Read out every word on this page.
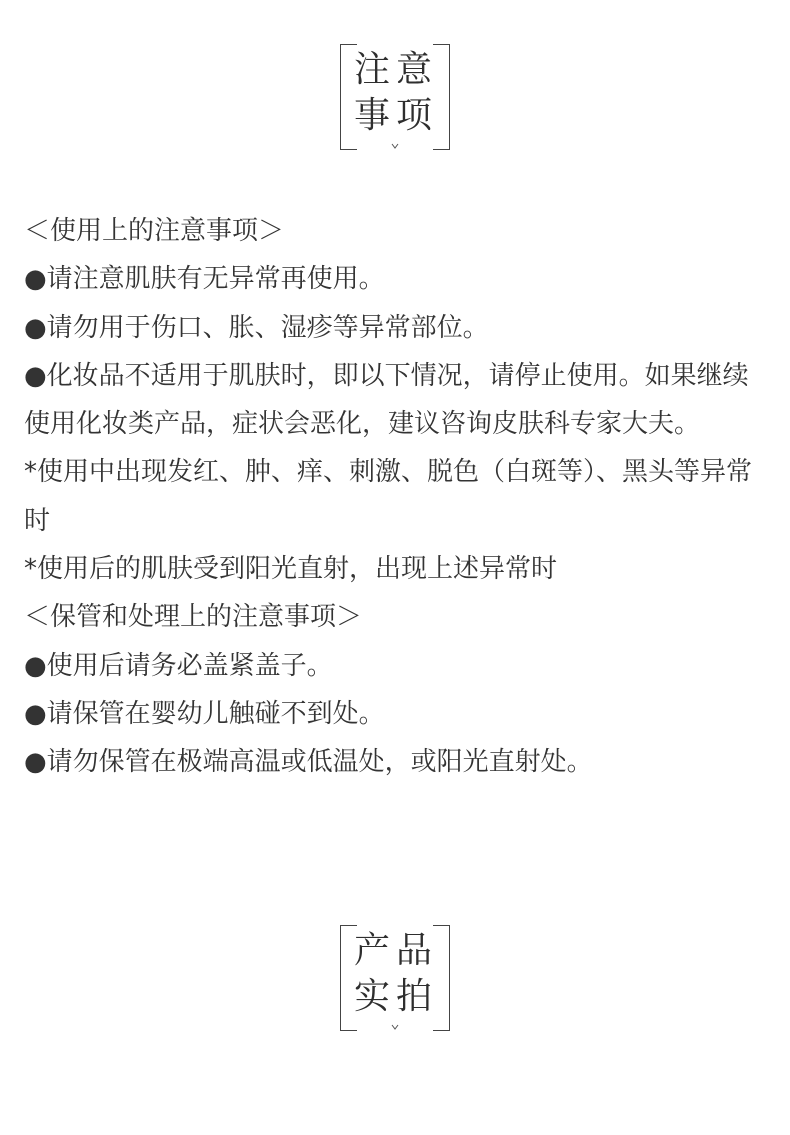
注意
事项
＜使用上的注意事项＞
●请注意肌肤有无异常再使用。
●请勿用于伤口、胀、湿疹等异常部位。
●化妆品不适用于肌肤时，即以下情况，请停止使用。如果继续使用化妆类产品，症状会恶化，建议咨询皮肤科专家大夫。
*使用中出现发红、肿、痒、刺激、脱色（白斑等）、黑头等异常时
*使用后的肌肤受到阳光直射，出现上述异常时
＜保管和处理上的注意事项＞
●使用后请务必盖紧盖子。
●请保管在婴幼儿触碰不到处。
●请勿保管在极端高温或低温处，或阳光直射处。
产品
实拍
